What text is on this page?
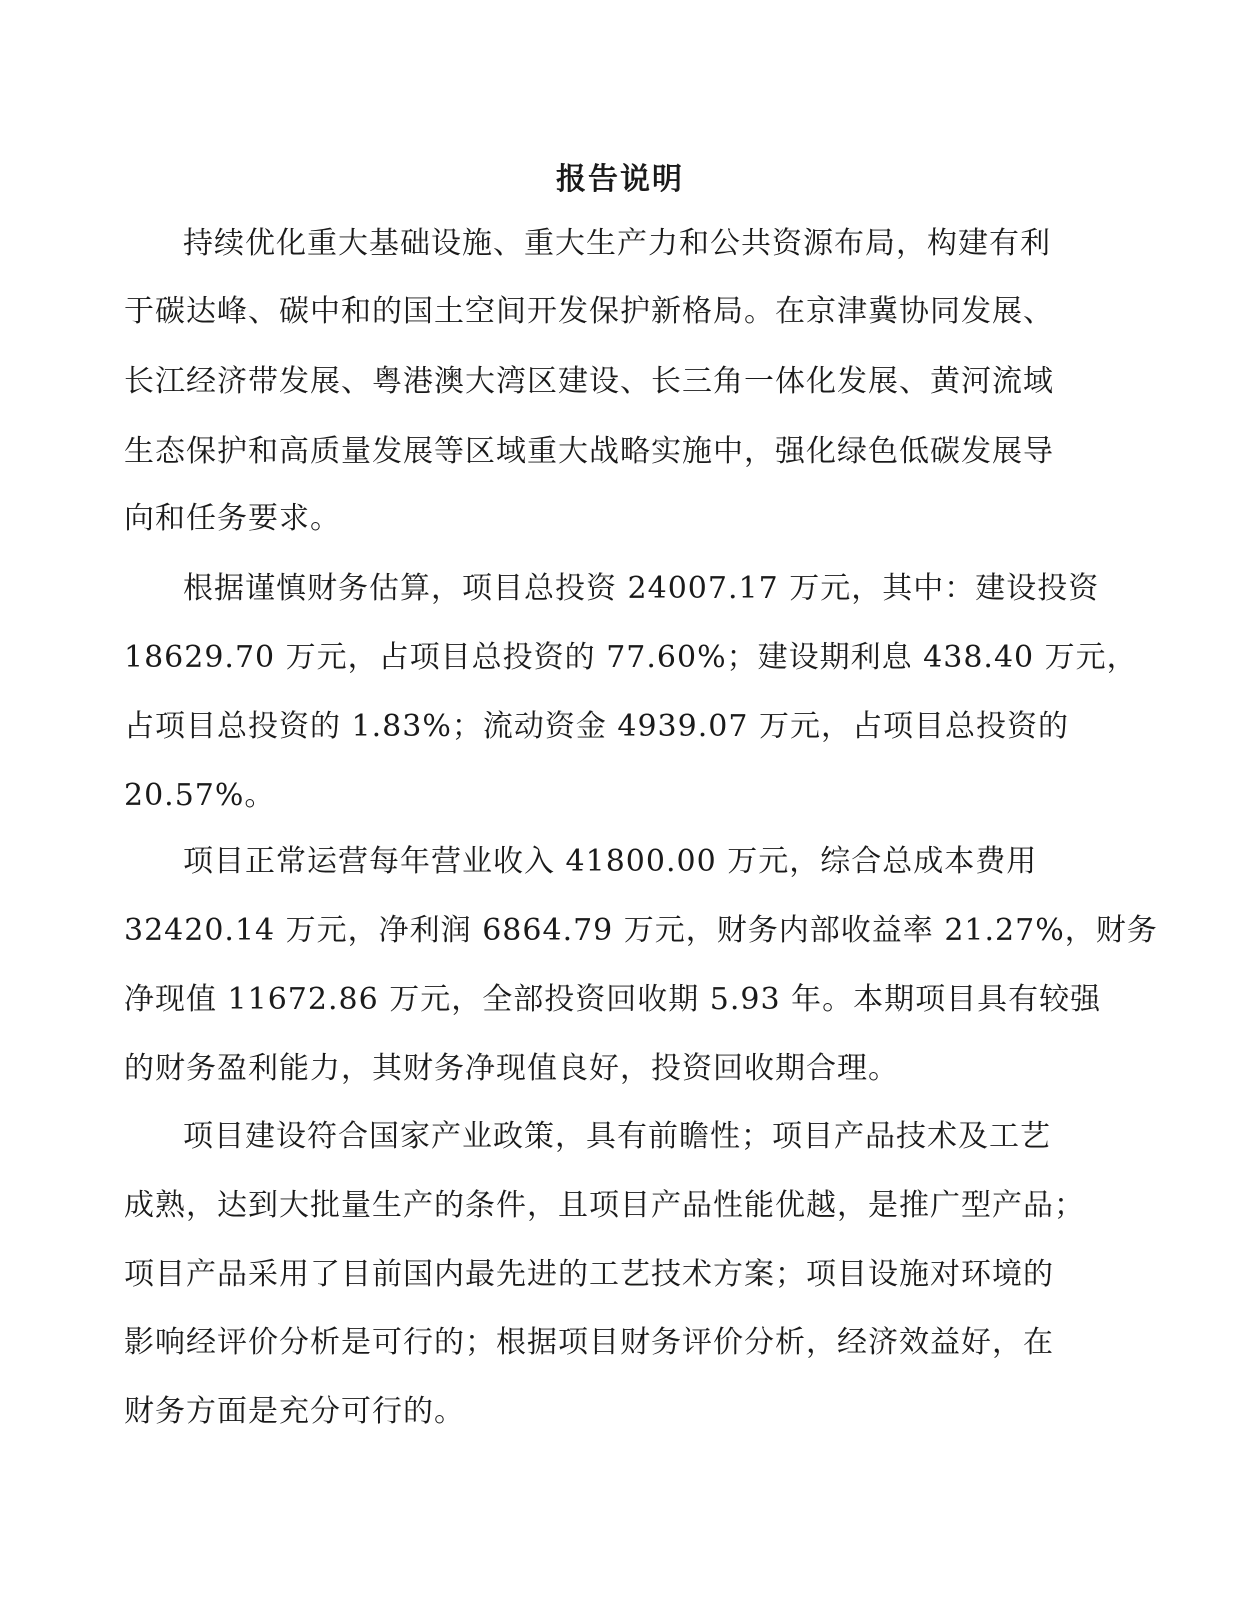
报告说明
持续优化重大基础设施、重大生产力和公共资源布局，构建有利
于碳达峰、碳中和的国土空间开发保护新格局。在京津冀协同发展、
长江经济带发展、粤港澳大湾区建设、长三角一体化发展、黄河流域
生态保护和高质量发展等区域重大战略实施中，强化绿色低碳发展导
向和任务要求。
根据谨慎财务估算，项目总投资 24007.17 万元，其中：建设投资
18629.70 万元，占项目总投资的 77.60%；建设期利息 438.40 万元，
占项目总投资的 1.83%；流动资金 4939.07 万元，占项目总投资的
20.57%。
项目正常运营每年营业收入 41800.00 万元，综合总成本费用
32420.14 万元，净利润 6864.79 万元，财务内部收益率 21.27%，财务
净现值 11672.86 万元，全部投资回收期 5.93 年。本期项目具有较强
的财务盈利能力，其财务净现值良好，投资回收期合理。
项目建设符合国家产业政策，具有前瞻性；项目产品技术及工艺
成熟，达到大批量生产的条件，且项目产品性能优越，是推广型产品；
项目产品采用了目前国内最先进的工艺技术方案；项目设施对环境的
影响经评价分析是可行的；根据项目财务评价分析，经济效益好，在
财务方面是充分可行的。
